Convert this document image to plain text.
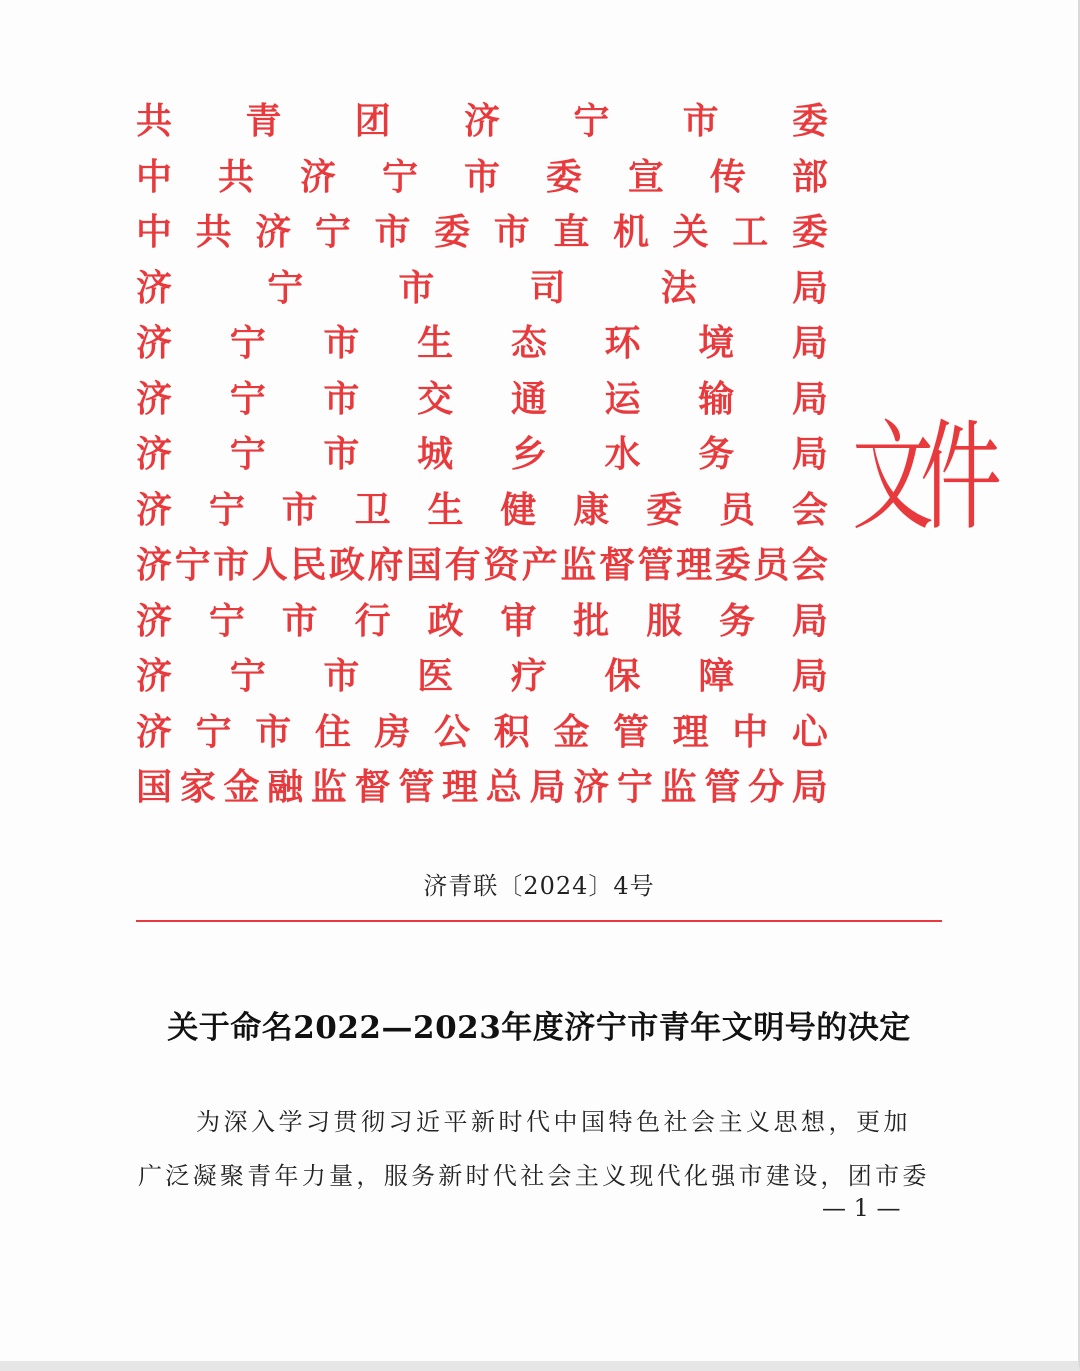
共 青 团 济 宁 市 委
中 共 济 宁 市 委 宣 传 部
中 共 济 宁 市 委 市 直 机 关 工 委
济	宁	市	司	法	局
济 宁 市 生 态 环 境 局
济 宁 市 交 通 运 输 局
济 宁 市 城 乡 水 务 局
济 宁 市 卫 生 健 康 委 员 会
济 宁 市 人 民 政 府 国 有 资 产 监 督 管 理 委 员 会
济 宁 市 行 政 审 批 服 务 局
济 宁 市 医 疗 保 障 局
济 宁 市 住 房 公 积 金 管 理 中 心
国 家 金 融 监 督 管 理 总 局 济 宁 监 管 分 局
文件
济青联〔2024〕4号
关于命名2022—2023年度济宁市青年文明号的决定
为深入学习贯彻习近平新时代中国特色社会主义思想，更加
广泛凝聚青年力量，服务新时代社会主义现代化强市建设，团市委
— 1 —
